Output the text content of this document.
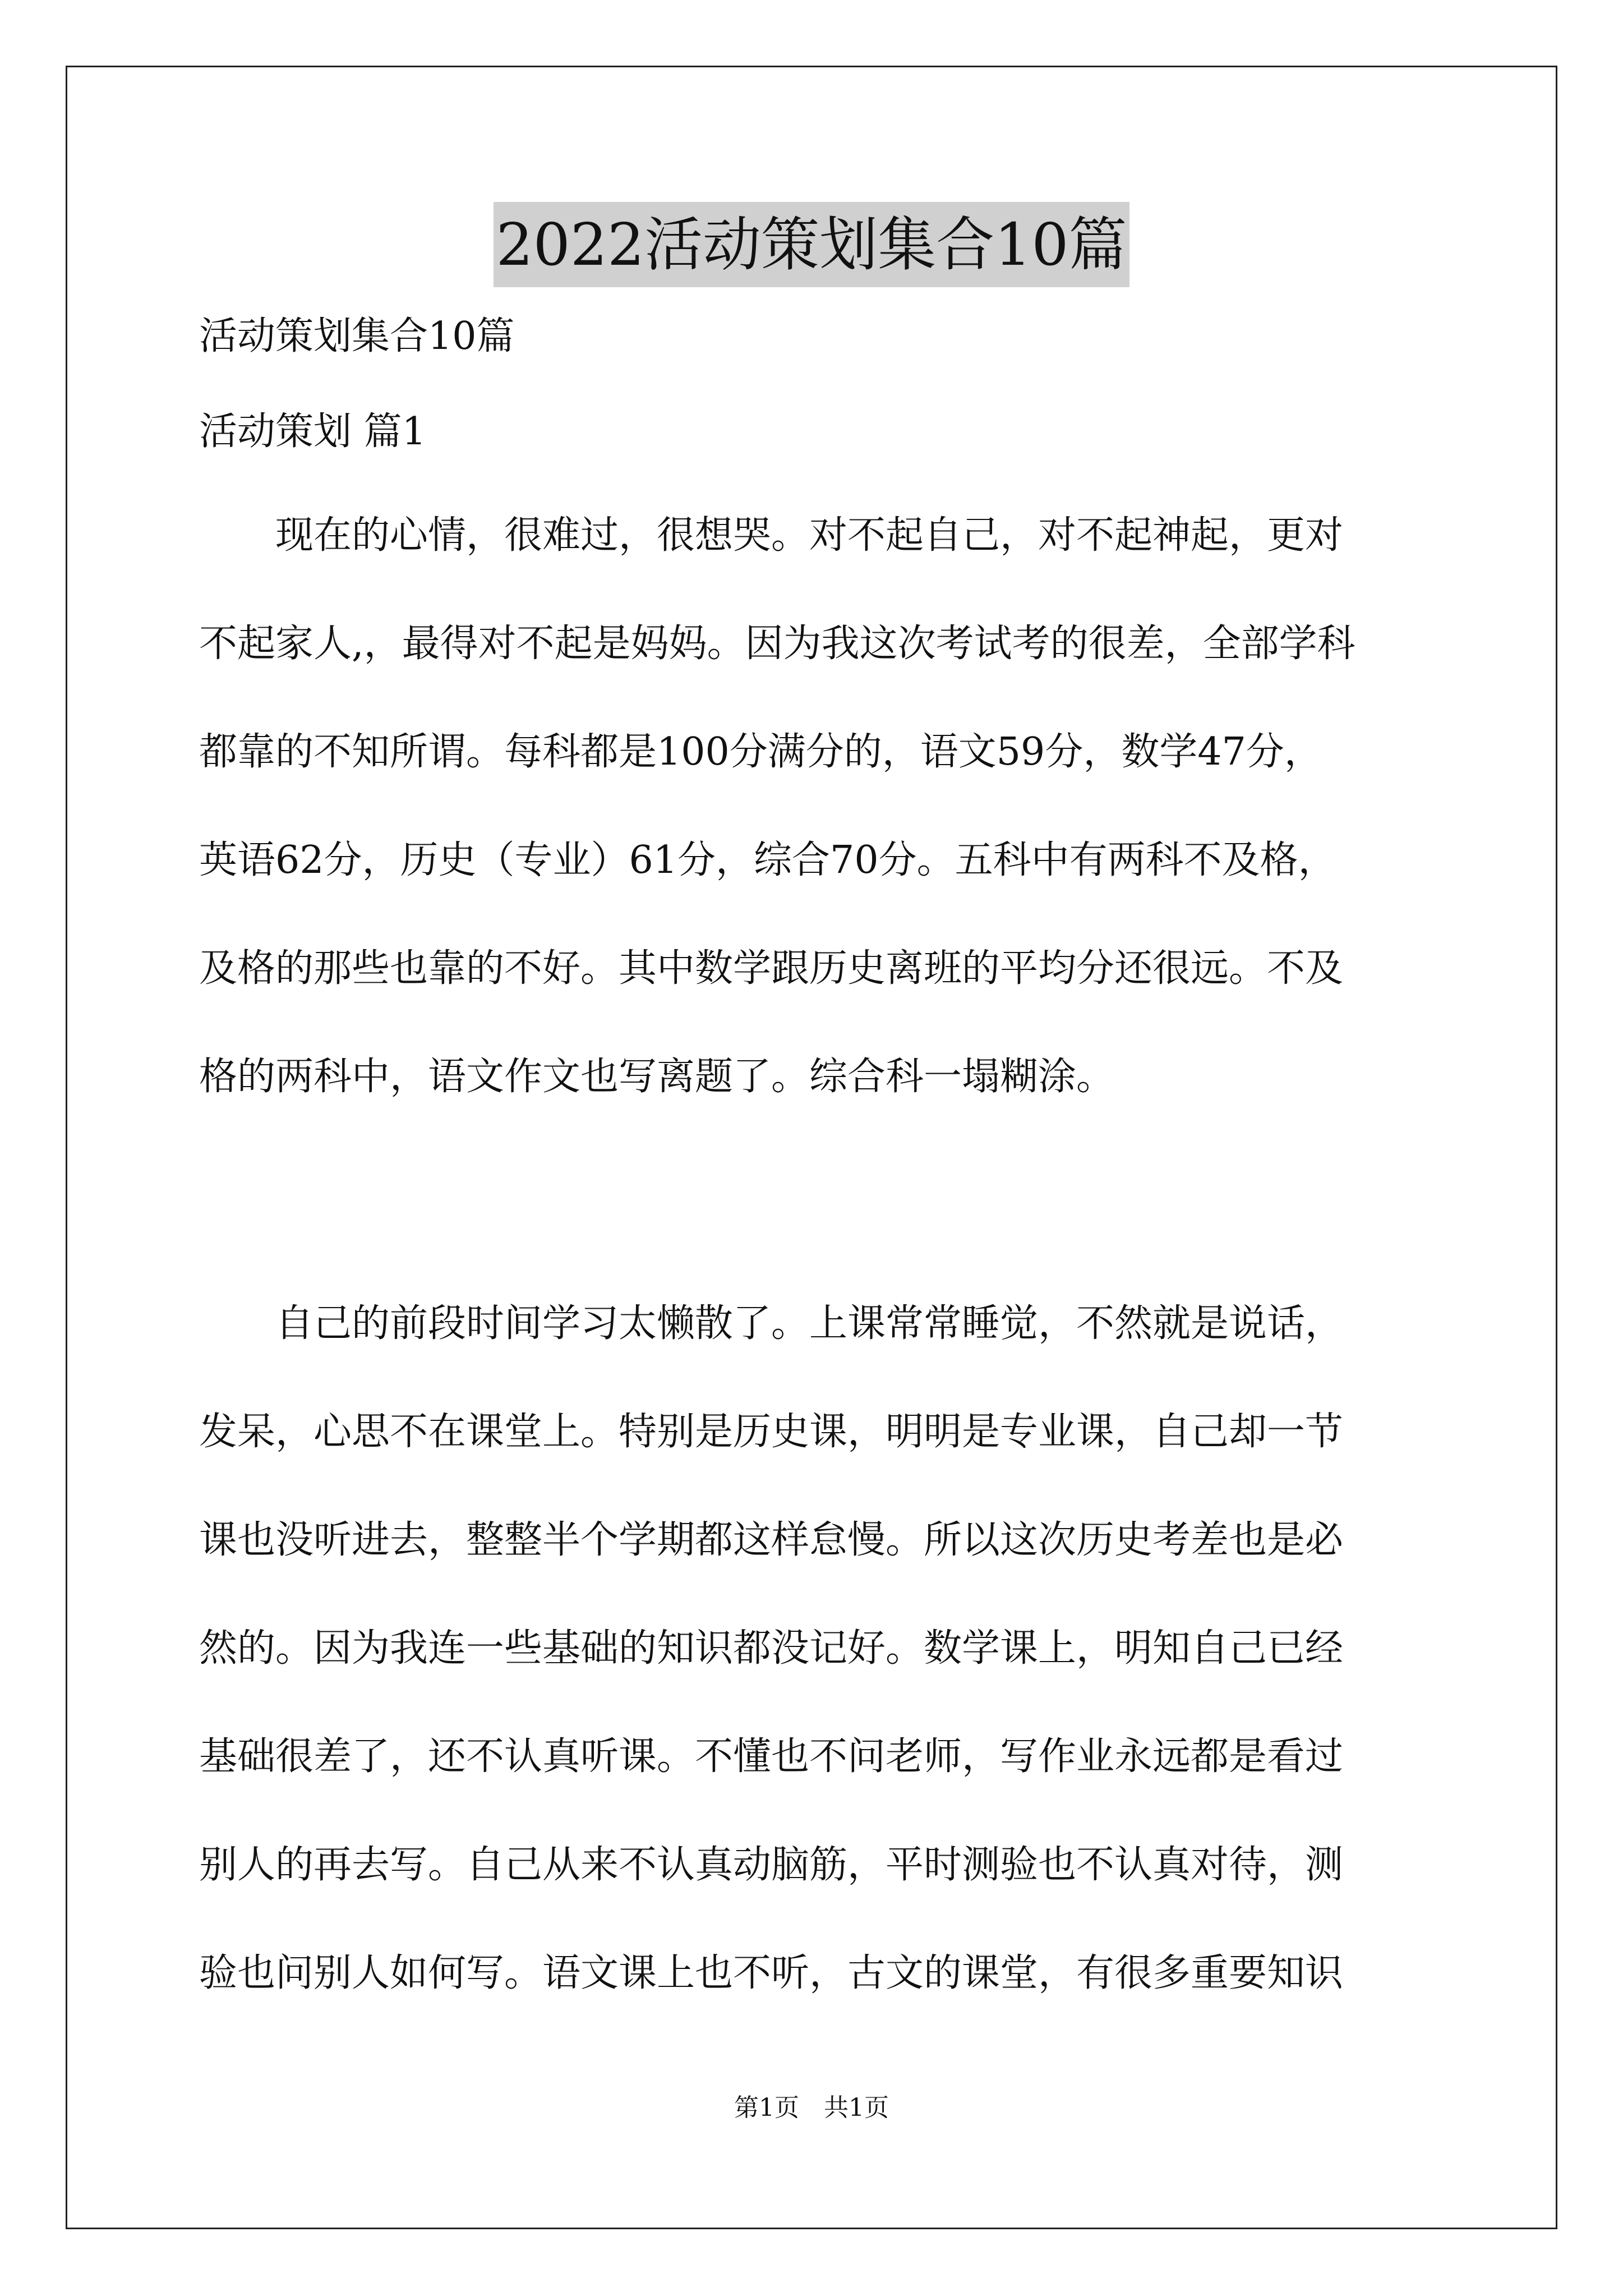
2022活动策划集合10篇

活动策划集合10篇

活动策划 篇1

　　现在的心情，很难过，很想哭。对不起自己，对不起神起，更对
不起家人,，最得对不起是妈妈。因为我这次考试考的很差，全部学科
都靠的不知所谓。每科都是100分满分的，语文59分，数学47分，
英语62分，历史（专业）61分，综合70分。五科中有两科不及格，
及格的那些也靠的不好。其中数学跟历史离班的平均分还很远。不及
格的两科中，语文作文也写离题了。综合科一塌糊涂。
　　自己的前段时间学习太懒散了。上课常常睡觉，不然就是说话，
发呆，心思不在课堂上。特别是历史课，明明是专业课，自己却一节
课也没听进去，整整半个学期都这样怠慢。所以这次历史考差也是必
然的。因为我连一些基础的知识都没记好。数学课上，明知自己已经
基础很差了，还不认真听课。不懂也不问老师，写作业永远都是看过
别人的再去写。自己从来不认真动脑筋，平时测验也不认真对待，测
验也问别人如何写。语文课上也不听，古文的课堂，有很多重要知识
第1页　共1页
